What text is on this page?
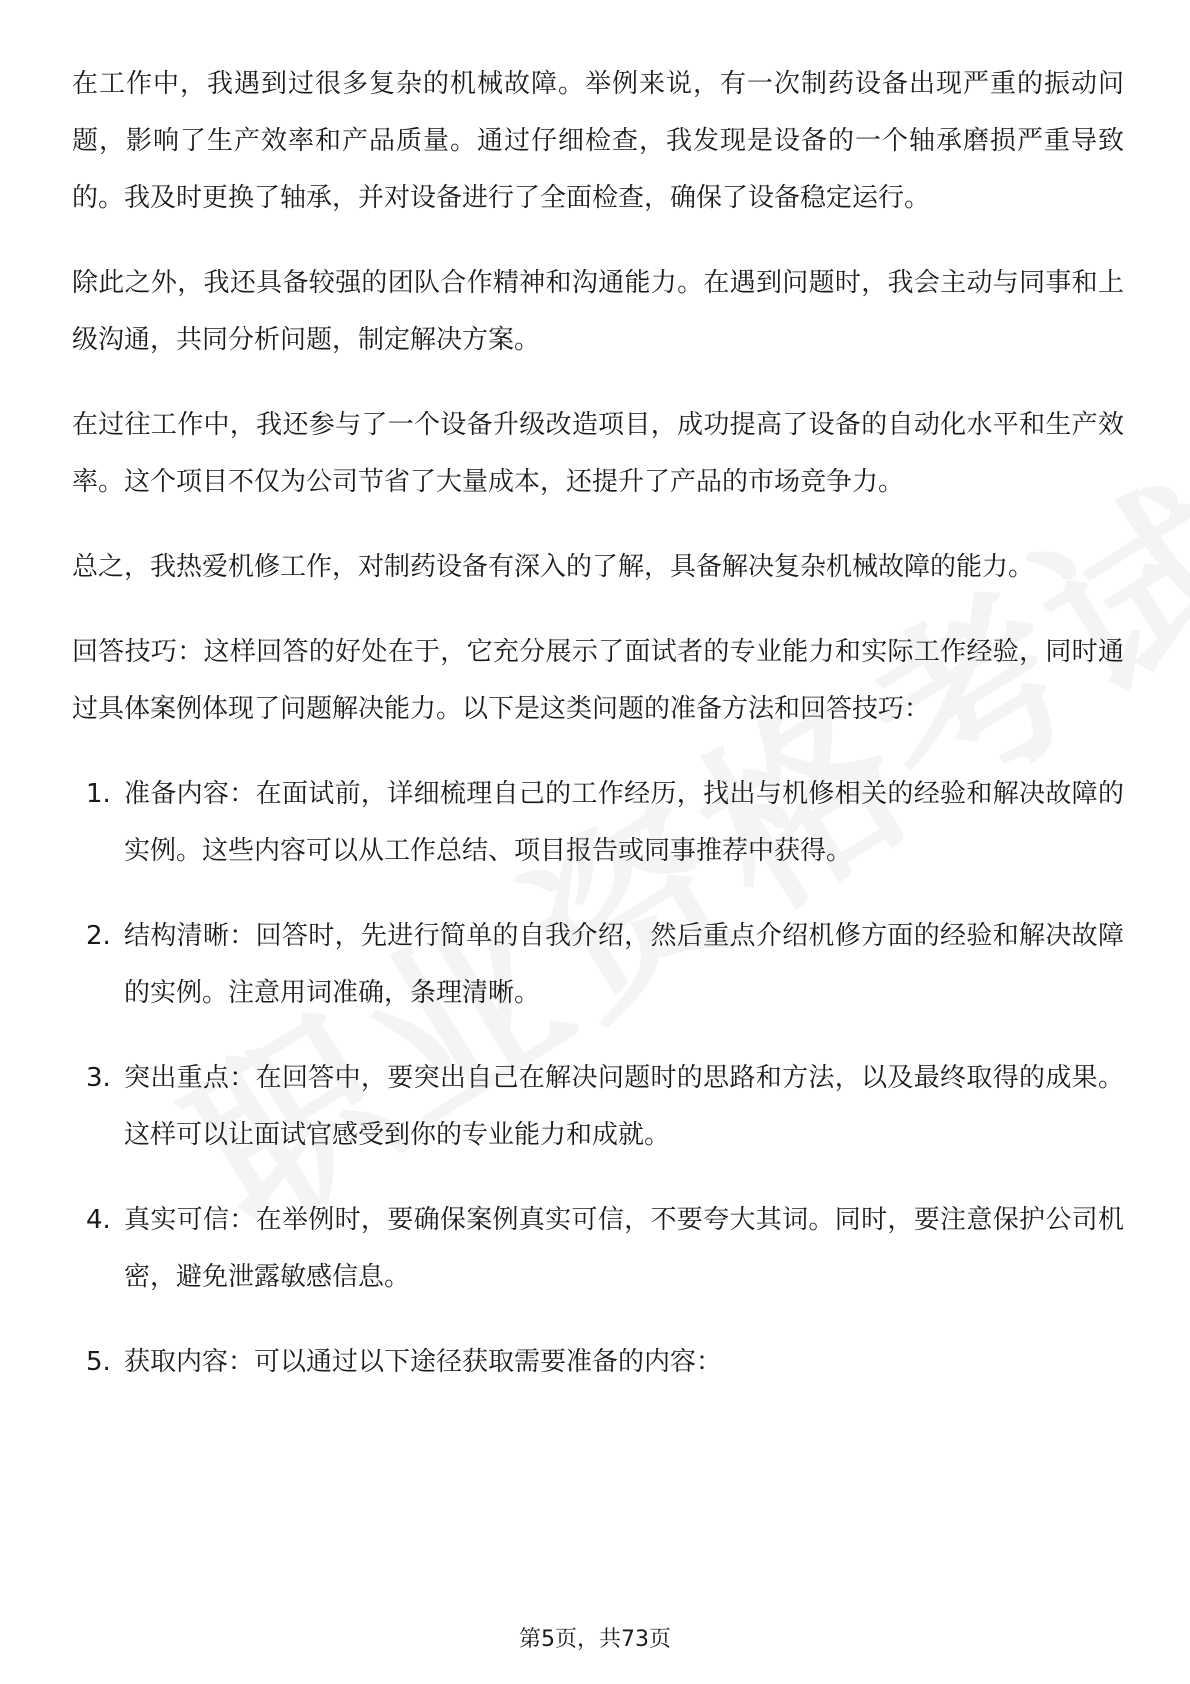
在工作中，我遇到过很多复杂的机械故障。举例来说，有一次制药设备出现严重的振动问题，影响了生产效率和产品质量。通过仔细检查，我发现是设备的一个轴承磨损严重导致的。我及时更换了轴承，并对设备进行了全面检查，确保了设备稳定运行。

除此之外，我还具备较强的团队合作精神和沟通能力。在遇到问题时，我会主动与同事和上级沟通，共同分析问题，制定解决方案。

在过往工作中，我还参与了一个设备升级改造项目，成功提高了设备的自动化水平和生产效率。这个项目不仅为公司节省了大量成本，还提升了产品的市场竞争力。

总之，我热爱机修工作，对制药设备有深入的了解，具备解决复杂机械故障的能力。

回答技巧：这样回答的好处在于，它充分展示了面试者的专业能力和实际工作经验，同时通过具体案例体现了问题解决能力。以下是这类问题的准备方法和回答技巧：

1. 准备内容：在面试前，详细梳理自己的工作经历，找出与机修相关的经验和解决故障的实例。这些内容可以从工作总结、项目报告或同事推荐中获得。
2. 结构清晰：回答时，先进行简单的自我介绍，然后重点介绍机修方面的经验和解决故障的实例。注意用词准确，条理清晰。
3. 突出重点：在回答中，要突出自己在解决问题时的思路和方法，以及最终取得的成果。这样可以让面试官感受到你的专业能力和成就。
4. 真实可信：在举例时，要确保案例真实可信，不要夸大其词。同时，要注意保护公司机密，避免泄露敏感信息。
5. 获取内容：可以通过以下途径获取需要准备的内容：
第5页，共73页
